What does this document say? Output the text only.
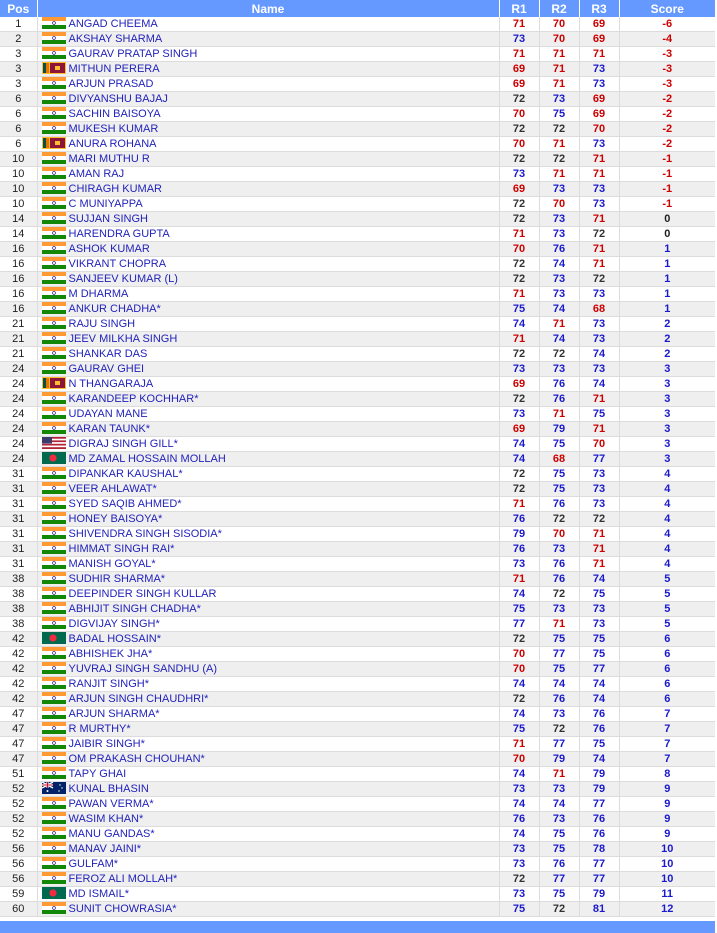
Pos	Name	R1	R2	R3	Score
1	ANGAD CHEEMA	71	70	69	-6
2	AKSHAY SHARMA	73	70	69	-4
3	GAURAV PRATAP SINGH	71	71	71	-3
3	MITHUN PERERA	69	71	73	-3
3	ARJUN PRASAD	69	71	73	-3
6	DIVYANSHU BAJAJ	72	73	69	-2
6	SACHIN BAISOYA	70	75	69	-2
6	MUKESH KUMAR	72	72	70	-2
6	ANURA ROHANA	70	71	73	-2
10	MARI MUTHU R	72	72	71	-1
10	AMAN RAJ	73	71	71	-1
10	CHIRAGH KUMAR	69	73	73	-1
10	C MUNIYAPPA	72	70	73	-1
14	SUJJAN SINGH	72	73	71	0
14	HARENDRA GUPTA	71	73	72	0
16	ASHOK KUMAR	70	76	71	1
16	VIKRANT CHOPRA	72	74	71	1
16	SANJEEV KUMAR (L)	72	73	72	1
16	M DHARMA	71	73	73	1
16	ANKUR CHADHA*	75	74	68	1
21	RAJU SINGH	74	71	73	2
21	JEEV MILKHA SINGH	71	74	73	2
21	SHANKAR DAS	72	72	74	2
24	GAURAV GHEI	73	73	73	3
24	N THANGARAJA	69	76	74	3
24	KARANDEEP KOCHHAR*	72	76	71	3
24	UDAYAN MANE	73	71	75	3
24	KARAN TAUNK*	69	79	71	3
24	DIGRAJ SINGH GILL*	74	75	70	3
24	MD ZAMAL HOSSAIN MOLLAH	74	68	77	3
31	DIPANKAR KAUSHAL*	72	75	73	4
31	VEER AHLAWAT*	72	75	73	4
31	SYED SAQIB AHMED*	71	76	73	4
31	HONEY BAISOYA*	76	72	72	4
31	SHIVENDRA SINGH SISODIA*	79	70	71	4
31	HIMMAT SINGH RAI*	76	73	71	4
31	MANISH GOYAL*	73	76	71	4
38	SUDHIR SHARMA*	71	76	74	5
38	DEEPINDER SINGH KULLAR	74	72	75	5
38	ABHIJIT SINGH CHADHA*	75	73	73	5
38	DIGVIJAY SINGH*	77	71	73	5
42	BADAL HOSSAIN*	72	75	75	6
42	ABHISHEK JHA*	70	77	75	6
42	YUVRAJ SINGH SANDHU (A)	70	75	77	6
42	RANJIT SINGH*	74	74	74	6
42	ARJUN SINGH CHAUDHRI*	72	76	74	6
47	ARJUN SHARMA*	74	73	76	7
47	R MURTHY*	75	72	76	7
47	JAIBIR SINGH*	71	77	75	7
47	OM PRAKASH CHOUHAN*	70	79	74	7
51	TAPY GHAI	74	71	79	8
52	KUNAL BHASIN	73	73	79	9
52	PAWAN VERMA*	74	74	77	9
52	WASIM KHAN*	76	73	76	9
52	MANU GANDAS*	74	75	76	9
56	MANAV JAINI*	73	75	78	10
56	GULFAM*	73	76	77	10
56	FEROZ ALI MOLLAH*	72	77	77	10
59	MD ISMAIL*	73	75	79	11
60	SUNIT CHOWRASIA*	75	72	81	12
